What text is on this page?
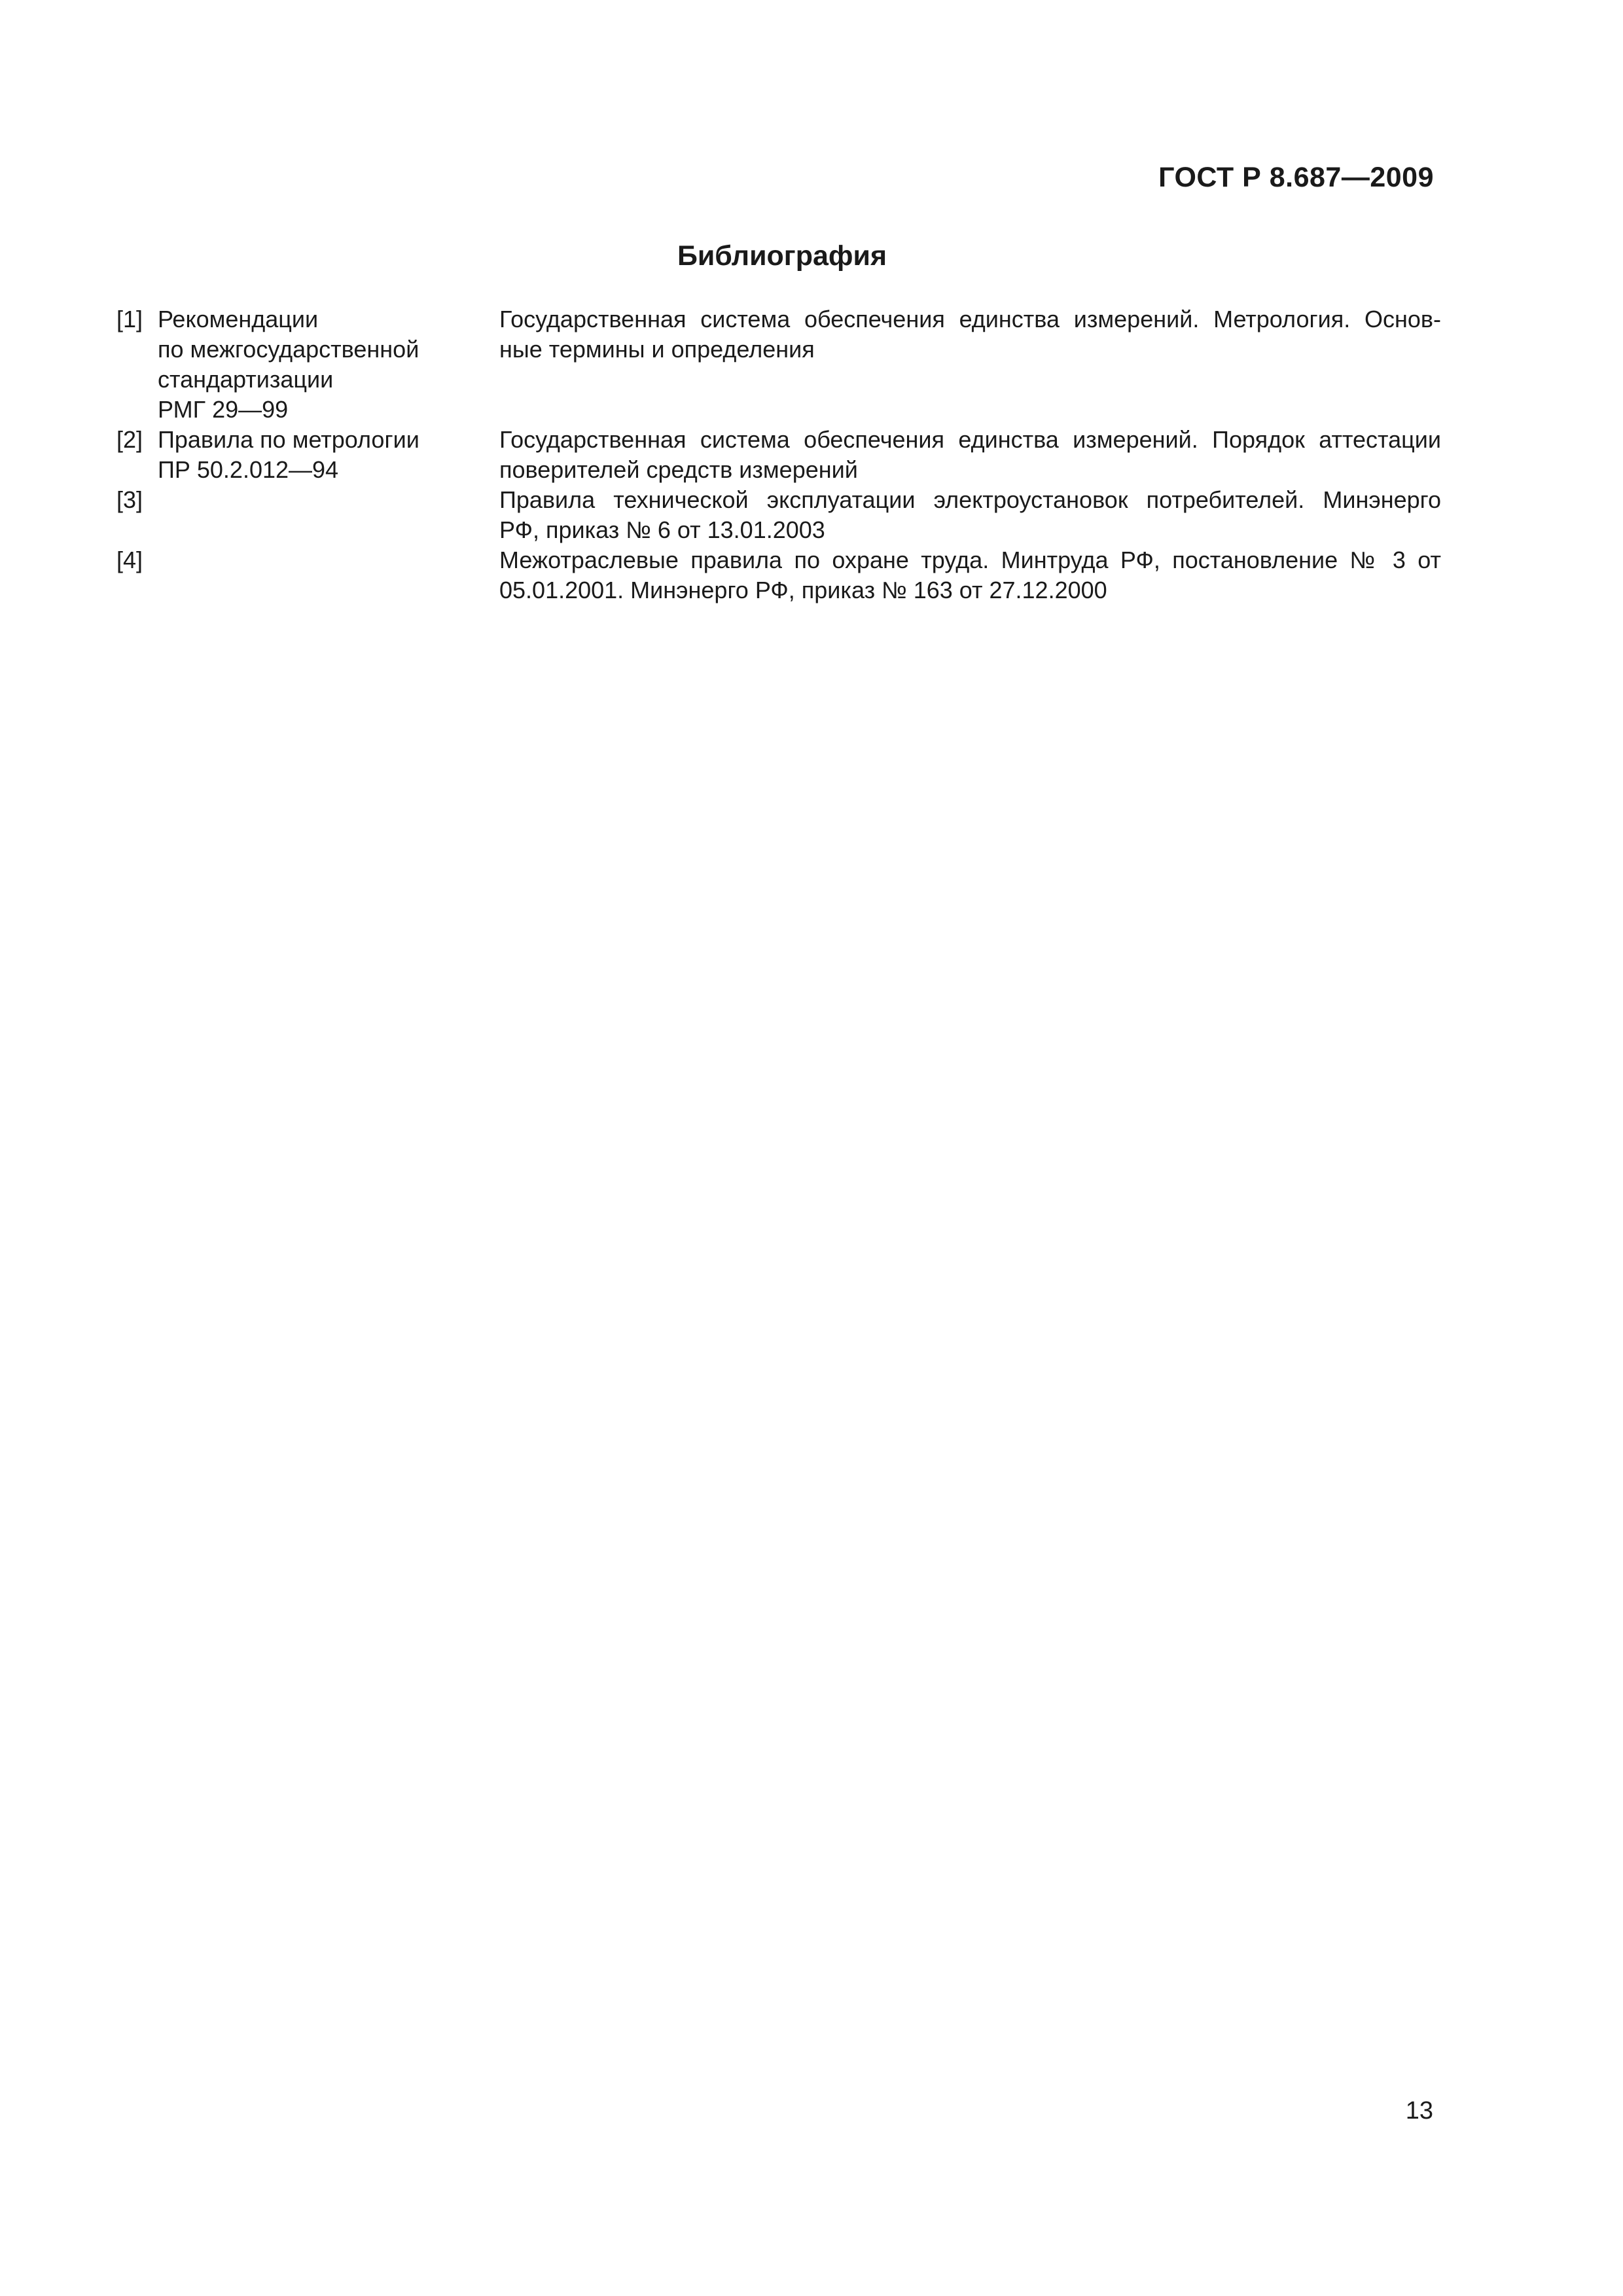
ГОСТ Р 8.687—2009
Библиография
[1] Рекомендации
по межгосударственной
стандартизации
РМГ 29—99
Государственная система обеспечения единства измерений. Метрология. Основ-
ные термины и определения
[2] Правила по метрологии
ПР 50.2.012—94
Государственная система обеспечения единства измерений. Порядок аттестации
поверителей средств измерений
[3]	Правила технической эксплуатации электроустановок потребителей. Минэнерго
РФ, приказ № 6 от 13.01.2003
[4]	Межотраслевые правила по охране труда. Минтруда РФ, постановление № 3 от
05.01.2001. Минэнерго РФ, приказ № 163 от 27.12.2000
13
